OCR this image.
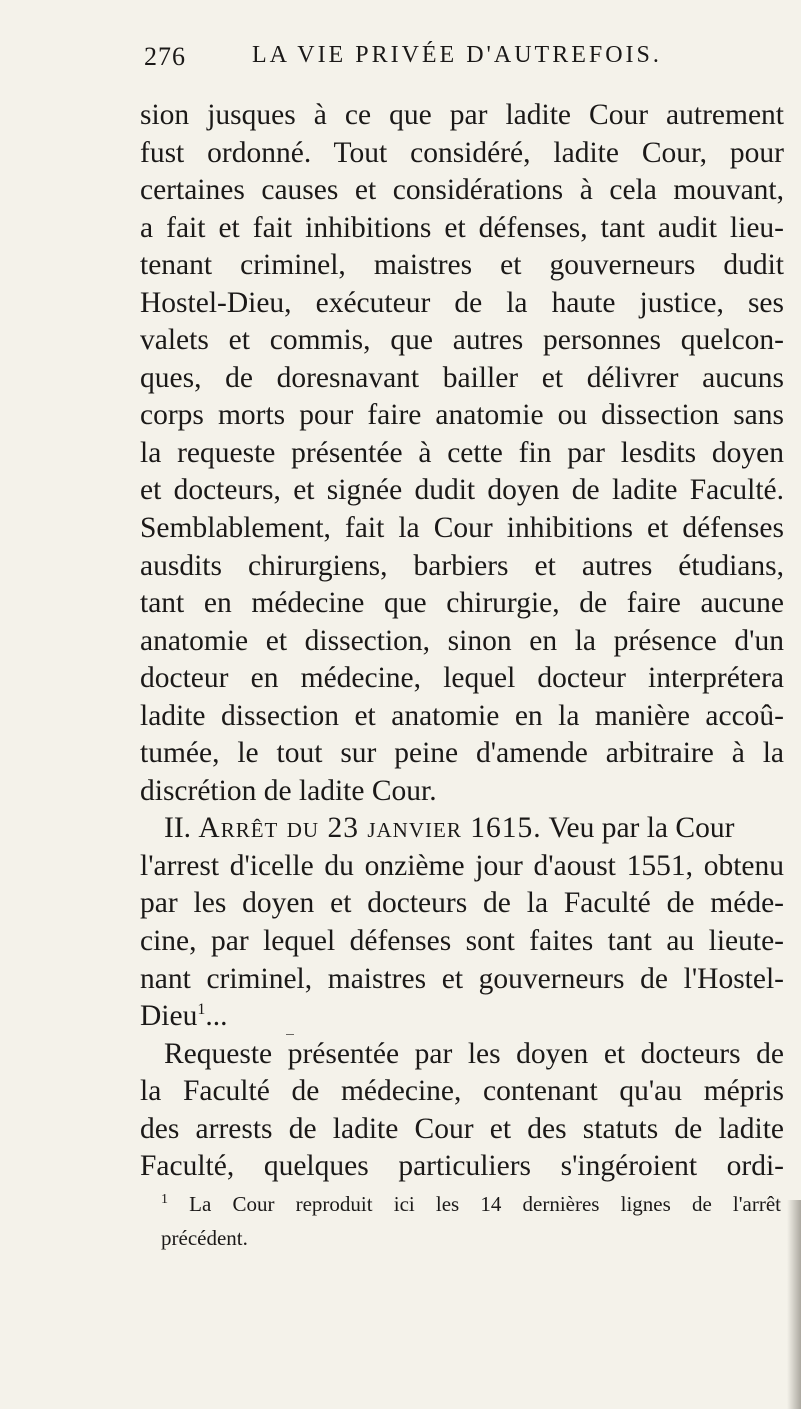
276	LA VIE PRIVÉE D'AUTREFOIS.
sion jusques à ce que par ladite Cour autrement
fust ordonné. Tout considéré, ladite Cour, pour
certaines causes et considérations à cela mouvant,
a fait et fait inhibitions et défenses, tant audit lieu-
tenant criminel, maistres et gouverneurs dudit
Hostel-Dieu, exécuteur de la haute justice, ses
valets et commis, que autres personnes quelcon-
ques, de doresnavant bailler et délivrer aucuns
corps morts pour faire anatomie ou dissection sans
la requeste présentée à cette fin par lesdits doyen
et docteurs, et signée dudit doyen de ladite Faculté.
Semblablement, fait la Cour inhibitions et défenses
ausdits chirurgiens, barbiers et autres étudians,
tant en médecine que chirurgie, de faire aucune
anatomie et dissection, sinon en la présence d'un
docteur en médecine, lequel docteur interprétera
ladite dissection et anatomie en la manière accoû-
tumée, le tout sur peine d'amende arbitraire à la
discrétion de ladite Cour.
II. Arrêt du 23 janvier 1615. Veu par la Cour
l'arrest d'icelle du onzième jour d'aoust 1551, obtenu
par les doyen et docteurs de la Faculté de méde-
cine, par lequel défenses sont faites tant au lieute-
nant criminel, maistres et gouverneurs de l'Hostel-
Dieu$^1$...
Requeste présentée par les doyen et docteurs de
la Faculté de médecine, contenant qu'au mépris
des arrests de ladite Cour et des statuts de ladite
Faculté, quelques particuliers s'ingéroient ordi-
$^1$ La Cour reproduit ici les 14 dernières lignes de l'arrêt
précédent.
